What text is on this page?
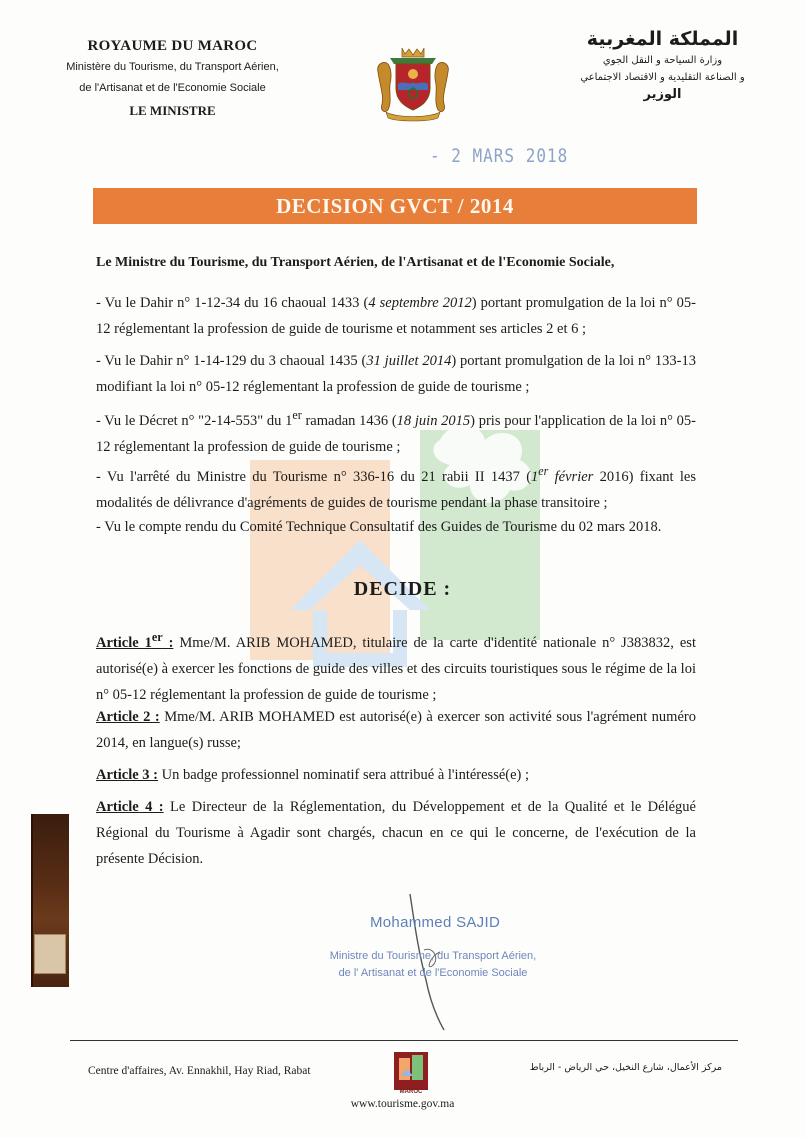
ROYAUME DU MAROC
Ministère du Tourisme, du Transport Aérien,
de l'Artisanat et de l'Economie Sociale
LE MINISTRE
المملكة المغربية
وزارة السياحة و النقل الجوي
و الصناعة التقليدية و الاقتصاد الاجتماعي
الوزير
- 2 MARS 2018
DECISION GVCT / 2014
Le Ministre du Tourisme, du Transport Aérien, de l'Artisanat et de l'Economie Sociale,

- Vu le Dahir n° 1-12-34 du 16 chaoual 1433 (4 septembre 2012) portant promulgation de la loi n° 05-12 réglementant la profession de guide de tourisme et notamment ses articles 2 et 6 ;

- Vu le Dahir n° 1-14-129 du 3 chaoual 1435 (31 juillet 2014) portant promulgation de la loi n° 133-13 modifiant la loi n° 05-12 réglementant la profession de guide de tourisme ;

- Vu le Décret n° "2-14-553" du 1er ramadan 1436 (18 juin 2015) pris pour l'application de la loi n° 05-12 réglementant la profession de guide de tourisme ;

- Vu l'arrêté du Ministre du Tourisme n° 336-16 du 21 rabii II 1437 (1er février 2016) fixant les modalités de délivrance d'agréments de guides de tourisme pendant la phase transitoire ;

- Vu le compte rendu du Comité Technique Consultatif des Guides de Tourisme du 02 mars 2018.

DECIDE :

Article 1er : Mme/M. ARIB MOHAMED, titulaire de la carte d'identité nationale n° J383832, est autorisé(e) à exercer les fonctions de guide des villes et des circuits touristiques sous le régime de la loi n° 05-12 réglementant la profession de guide de tourisme ;

Article 2 : Mme/M. ARIB MOHAMED est autorisé(e) à exercer son activité sous l'agrément numéro 2014, en langue(s) russe;

Article 3 : Un badge professionnel nominatif sera attribué à l'intéressé(e) ;

Article 4 : Le Directeur de la Réglementation, du Développement et de la Qualité et le Délégué Régional du Tourisme à Agadir sont chargés, chacun en ce qui le concerne, de l'exécution de la présente Décision.

Mohammed SAJID
Ministre du Tourisme, du Transport Aérien,
de l' Artisanat et de l'Economie Sociale
Centre d'affaires, Av. Ennakhil, Hay Riad, Rabat
MAROC
مركز الأعمال، شارع النخيل، حي الرياض - الرباط
www.tourisme.gov.ma
